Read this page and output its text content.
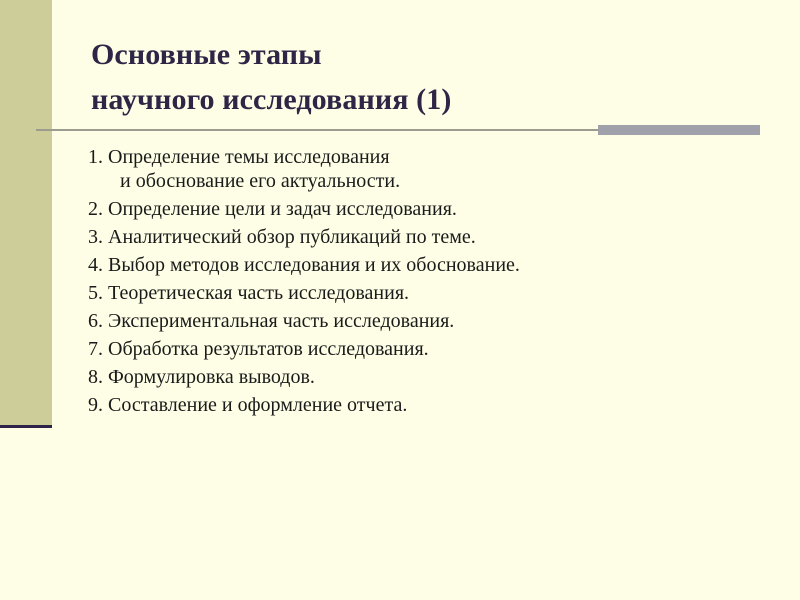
Основные этапы
научного исследования (1)
1. Определение темы исследования
и обоснование его актуальности.
2. Определение цели и задач исследования.
3. Аналитический обзор публикаций по теме.
4. Выбор методов исследования и их обоснование.
5. Теоретическая часть исследования.
6. Экспериментальная часть исследования.
7. Обработка результатов исследования.
8. Формулировка выводов.
9. Составление и оформление отчета.
